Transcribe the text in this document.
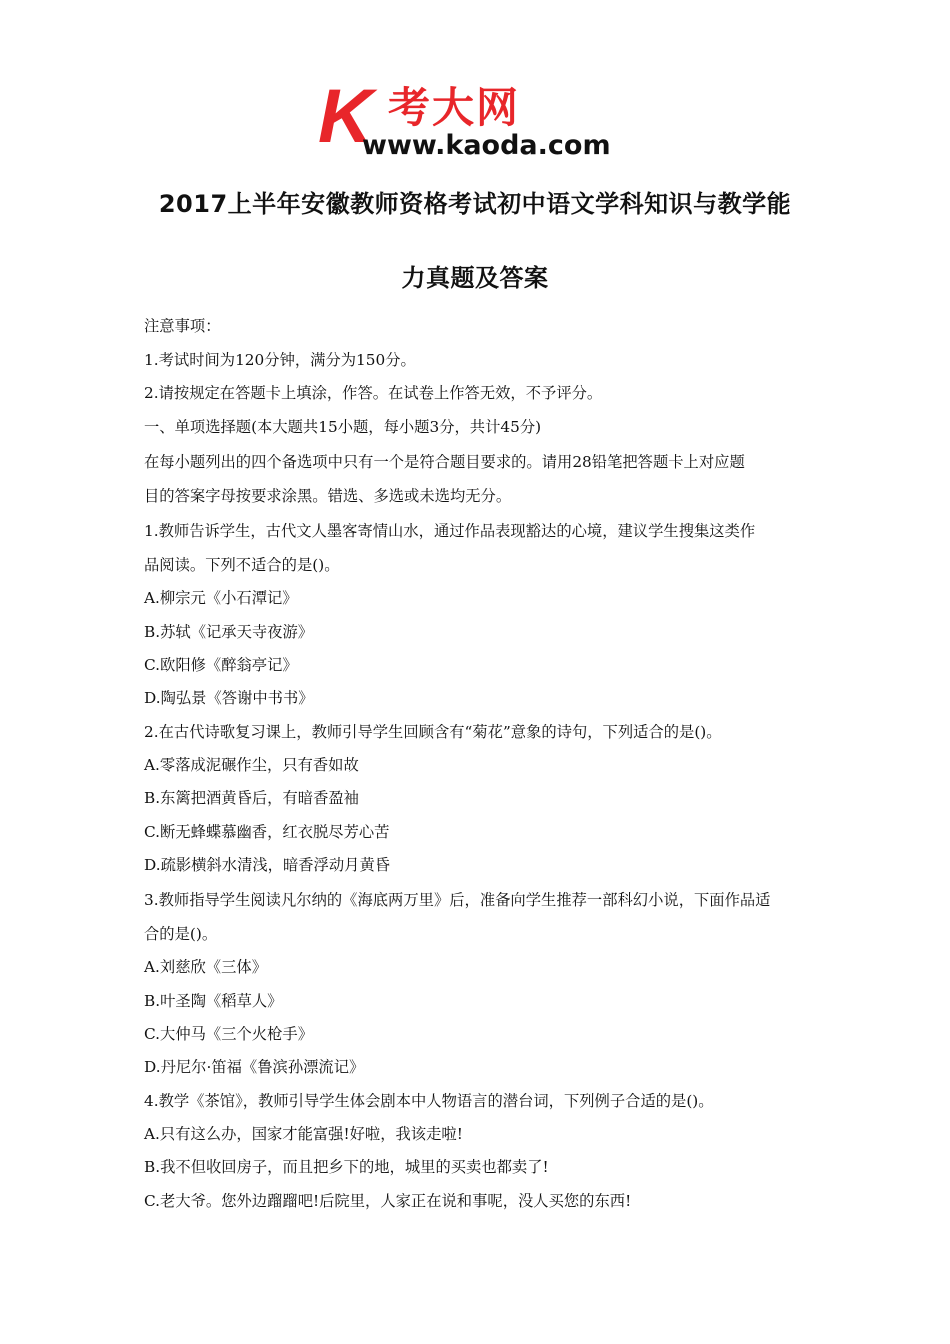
K 考大网
www.kaoda.com
2017上半年安徽教师资格考试初中语文学科知识与教学能
力真题及答案
注意事项：
1.考试时间为120分钟，满分为150分。
2.请按规定在答题卡上填涂，作答。在试卷上作答无效，不予评分。
一、单项选择题(本大题共15小题，每小题3分，共计45分)
在每小题列出的四个备选项中只有一个是符合题目要求的。请用28铅笔把答题卡上对应题
目的答案字母按要求涂黑。错选、多选或未选均无分。
1.教师告诉学生，古代文人墨客寄情山水，通过作品表现豁达的心境，建议学生搜集这类作
品阅读。下列不适合的是()。
A.柳宗元《小石潭记》
B.苏轼《记承天寺夜游》
C.欧阳修《醉翁亭记》
D.陶弘景《答谢中书书》
2.在古代诗歌复习课上，教师引导学生回顾含有“菊花”意象的诗句，下列适合的是()。
A.零落成泥碾作尘，只有香如故
B.东篱把酒黄昏后，有暗香盈袖
C.断无蜂蝶慕幽香，红衣脱尽芳心苦
D.疏影横斜水清浅，暗香浮动月黄昏
3.教师指导学生阅读凡尔纳的《海底两万里》后，准备向学生推荐一部科幻小说，下面作品适
合的是()。
A.刘慈欣《三体》
B.叶圣陶《稻草人》
C.大仲马《三个火枪手》
D.丹尼尔·笛福《鲁滨孙漂流记》
4.教学《茶馆》，教师引导学生体会剧本中人物语言的潜台词，下列例子合适的是()。
A.只有这么办，国家才能富强!好啦，我该走啦!
B.我不但收回房子，而且把乡下的地，城里的买卖也都卖了!
C.老大爷。您外边蹓蹓吧!后院里，人家正在说和事呢，没人买您的东西!
